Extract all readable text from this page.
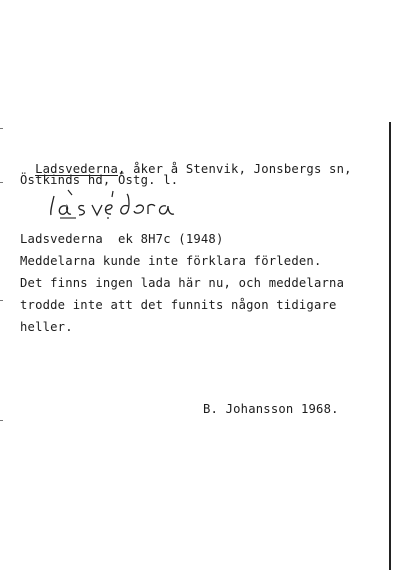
Ladsvederna, åker å Stenvik, Jonsbergs sn,

Östkinds hd, Östg. l.
Ladsvederna  ek 8H7c (1948)
Meddelarna kunde inte förklara förleden.
Det finns ingen lada här nu, och meddelarna
trodde inte att det funnits någon tidigare
heller.
B. Johansson 1968.
